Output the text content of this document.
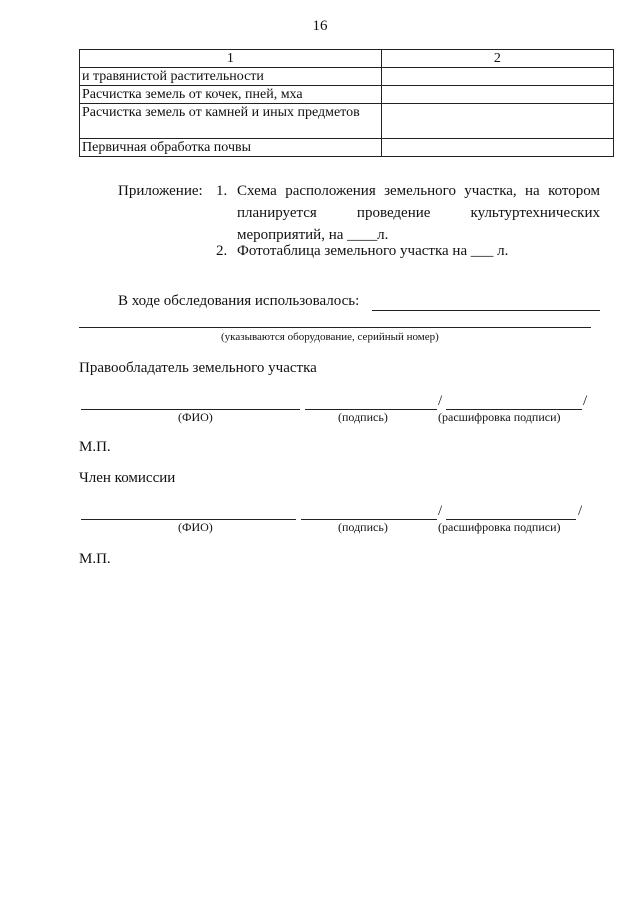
16
1	2
и травянистой растительности	
Расчистка земель от кочек, пней, мха	
Расчистка земель от камней и иных предметов	
Первичная обработка почвы	
Приложение: 1. Схема расположения земельного участка, на котором
планируется	проведение	культуртехнических
мероприятий, на ____л.
2. Фототаблица земельного участка на ___ л.
В ходе обследования использовалось:
(указываются оборудование, серийный номер)
Правообладатель земельного участка
/	/
(ФИО)	(подпись)	(расшифровка подписи)
М.П.
Член комиссии
/	/
(ФИО)	(подпись)	(расшифровка подписи)
М.П.
